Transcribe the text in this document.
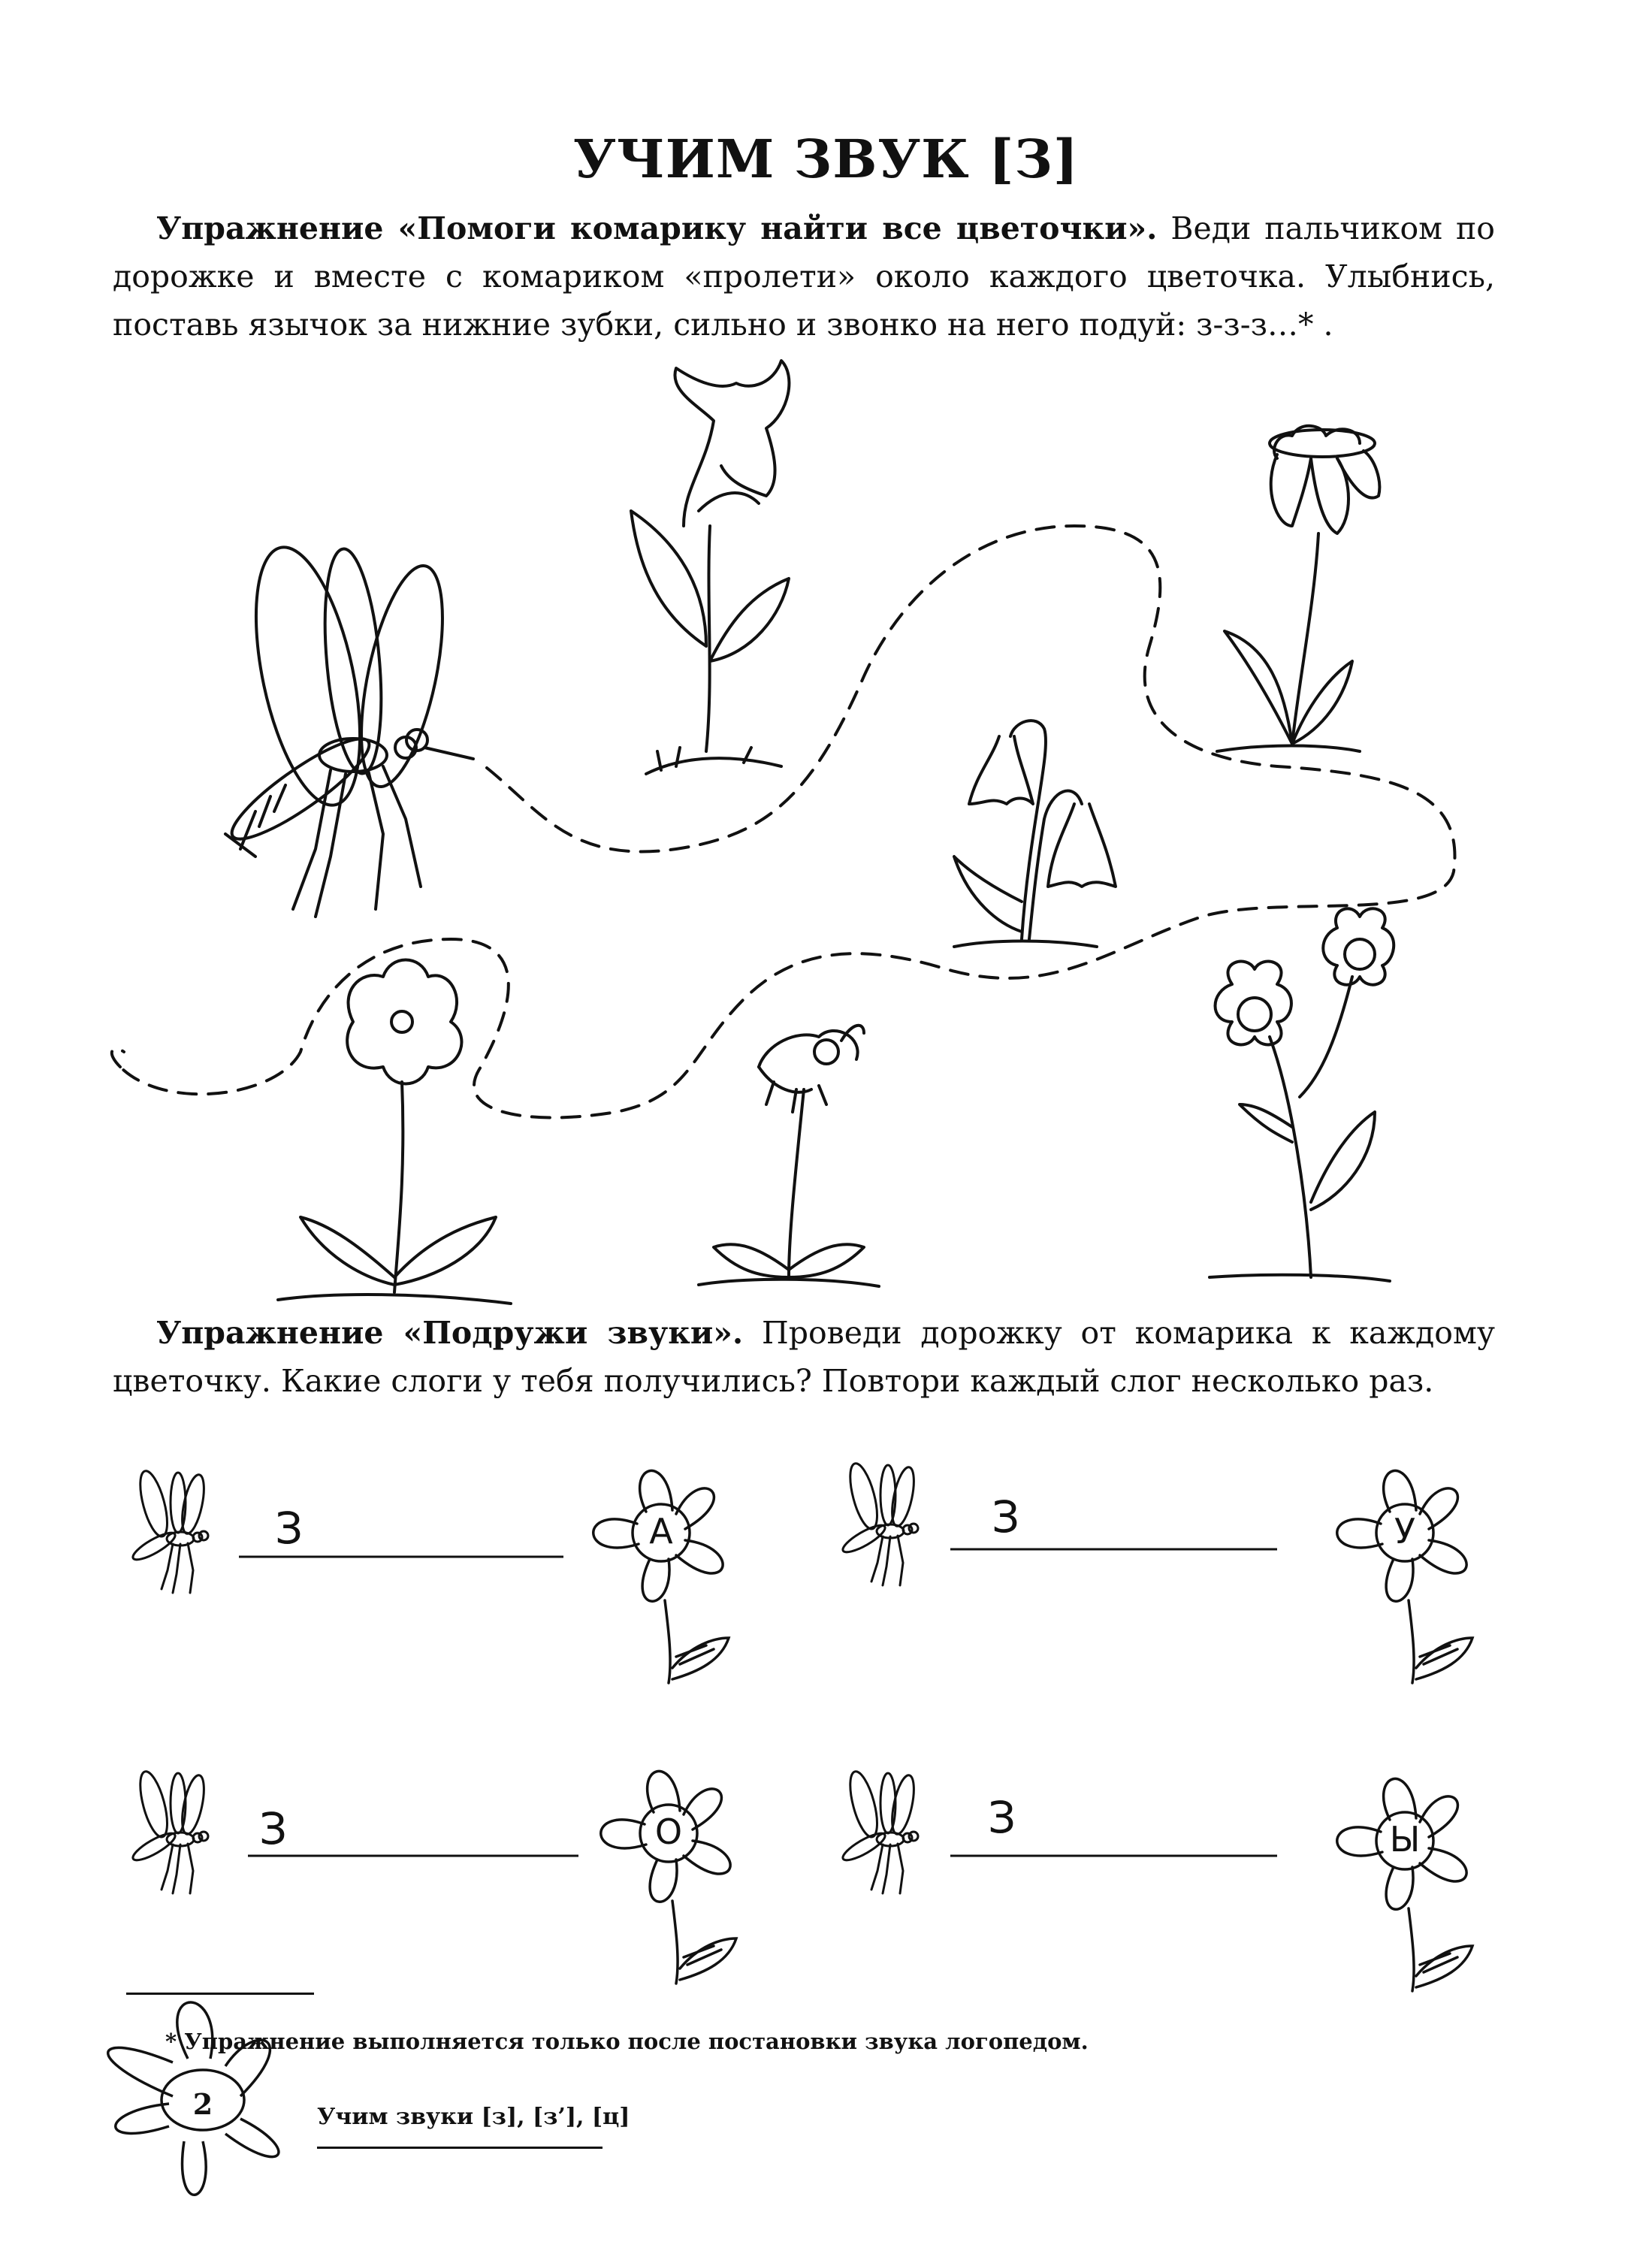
УЧИМ ЗВУК [З]
Упражнение «Помоги комарику найти все цветочки». Веди пальчиком по дорожке и вместе с комариком «пролети» около каждого цветочка. Улыбнись, поставь язычок за нижние зубки, сильно и звонко на него подуй: з-з-з…* .
Упражнение «Подружи звуки». Проведи дорожку от комарика к каждому цветочку. Какие слоги у тебя получились? Повтори каждый слог несколько раз.
З	А	З	У
З	О	З	Ы
* Упражнение выполняется только после постановки звука логопедом.
2	Учим звуки [з], [з’], [ц]
